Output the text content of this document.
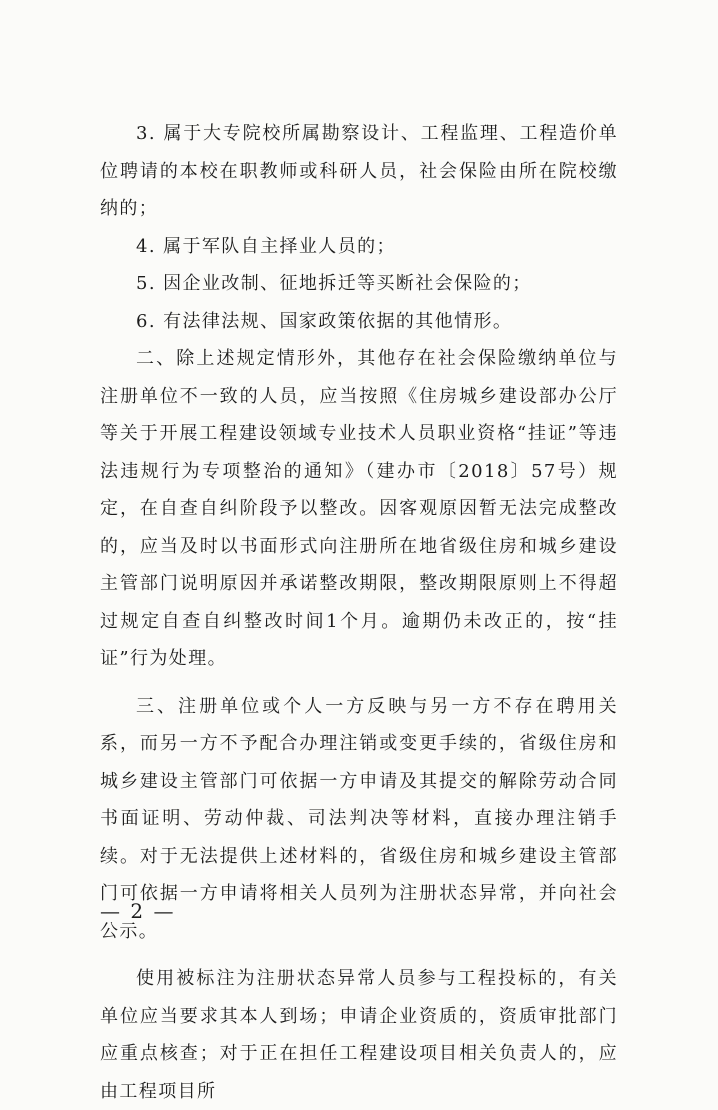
3. 属于大专院校所属勘察设计、工程监理、工程造价单位聘请的本校在职教师或科研人员，社会保险由所在院校缴纳的；

4. 属于军队自主择业人员的；

5. 因企业改制、征地拆迁等买断社会保险的；

6. 有法律法规、国家政策依据的其他情形。

二、除上述规定情形外，其他存在社会保险缴纳单位与注册单位不一致的人员，应当按照《住房城乡建设部办公厅等关于开展工程建设领域专业技术人员职业资格“挂证”等违法违规行为专项整治的通知》（建办市〔2018〕57号）规定，在自查自纠阶段予以整改。因客观原因暂无法完成整改的，应当及时以书面形式向注册所在地省级住房和城乡建设主管部门说明原因并承诺整改期限，整改期限原则上不得超过规定自查自纠整改时间1个月。逾期仍未改正的，按“挂证”行为处理。

三、注册单位或个人一方反映与另一方不存在聘用关系，而另一方不予配合办理注销或变更手续的，省级住房和城乡建设主管部门可依据一方申请及其提交的解除劳动合同书面证明、劳动仲裁、司法判决等材料，直接办理注销手续。对于无法提供上述材料的，省级住房和城乡建设主管部门可依据一方申请将相关人员列为注册状态异常，并向社会公示。

使用被标注为注册状态异常人员参与工程投标的，有关单位应当要求其本人到场；申请企业资质的，资质审批部门应重点核查；对于正在担任工程建设项目相关负责人的，应由工程项目所

— 2 —
